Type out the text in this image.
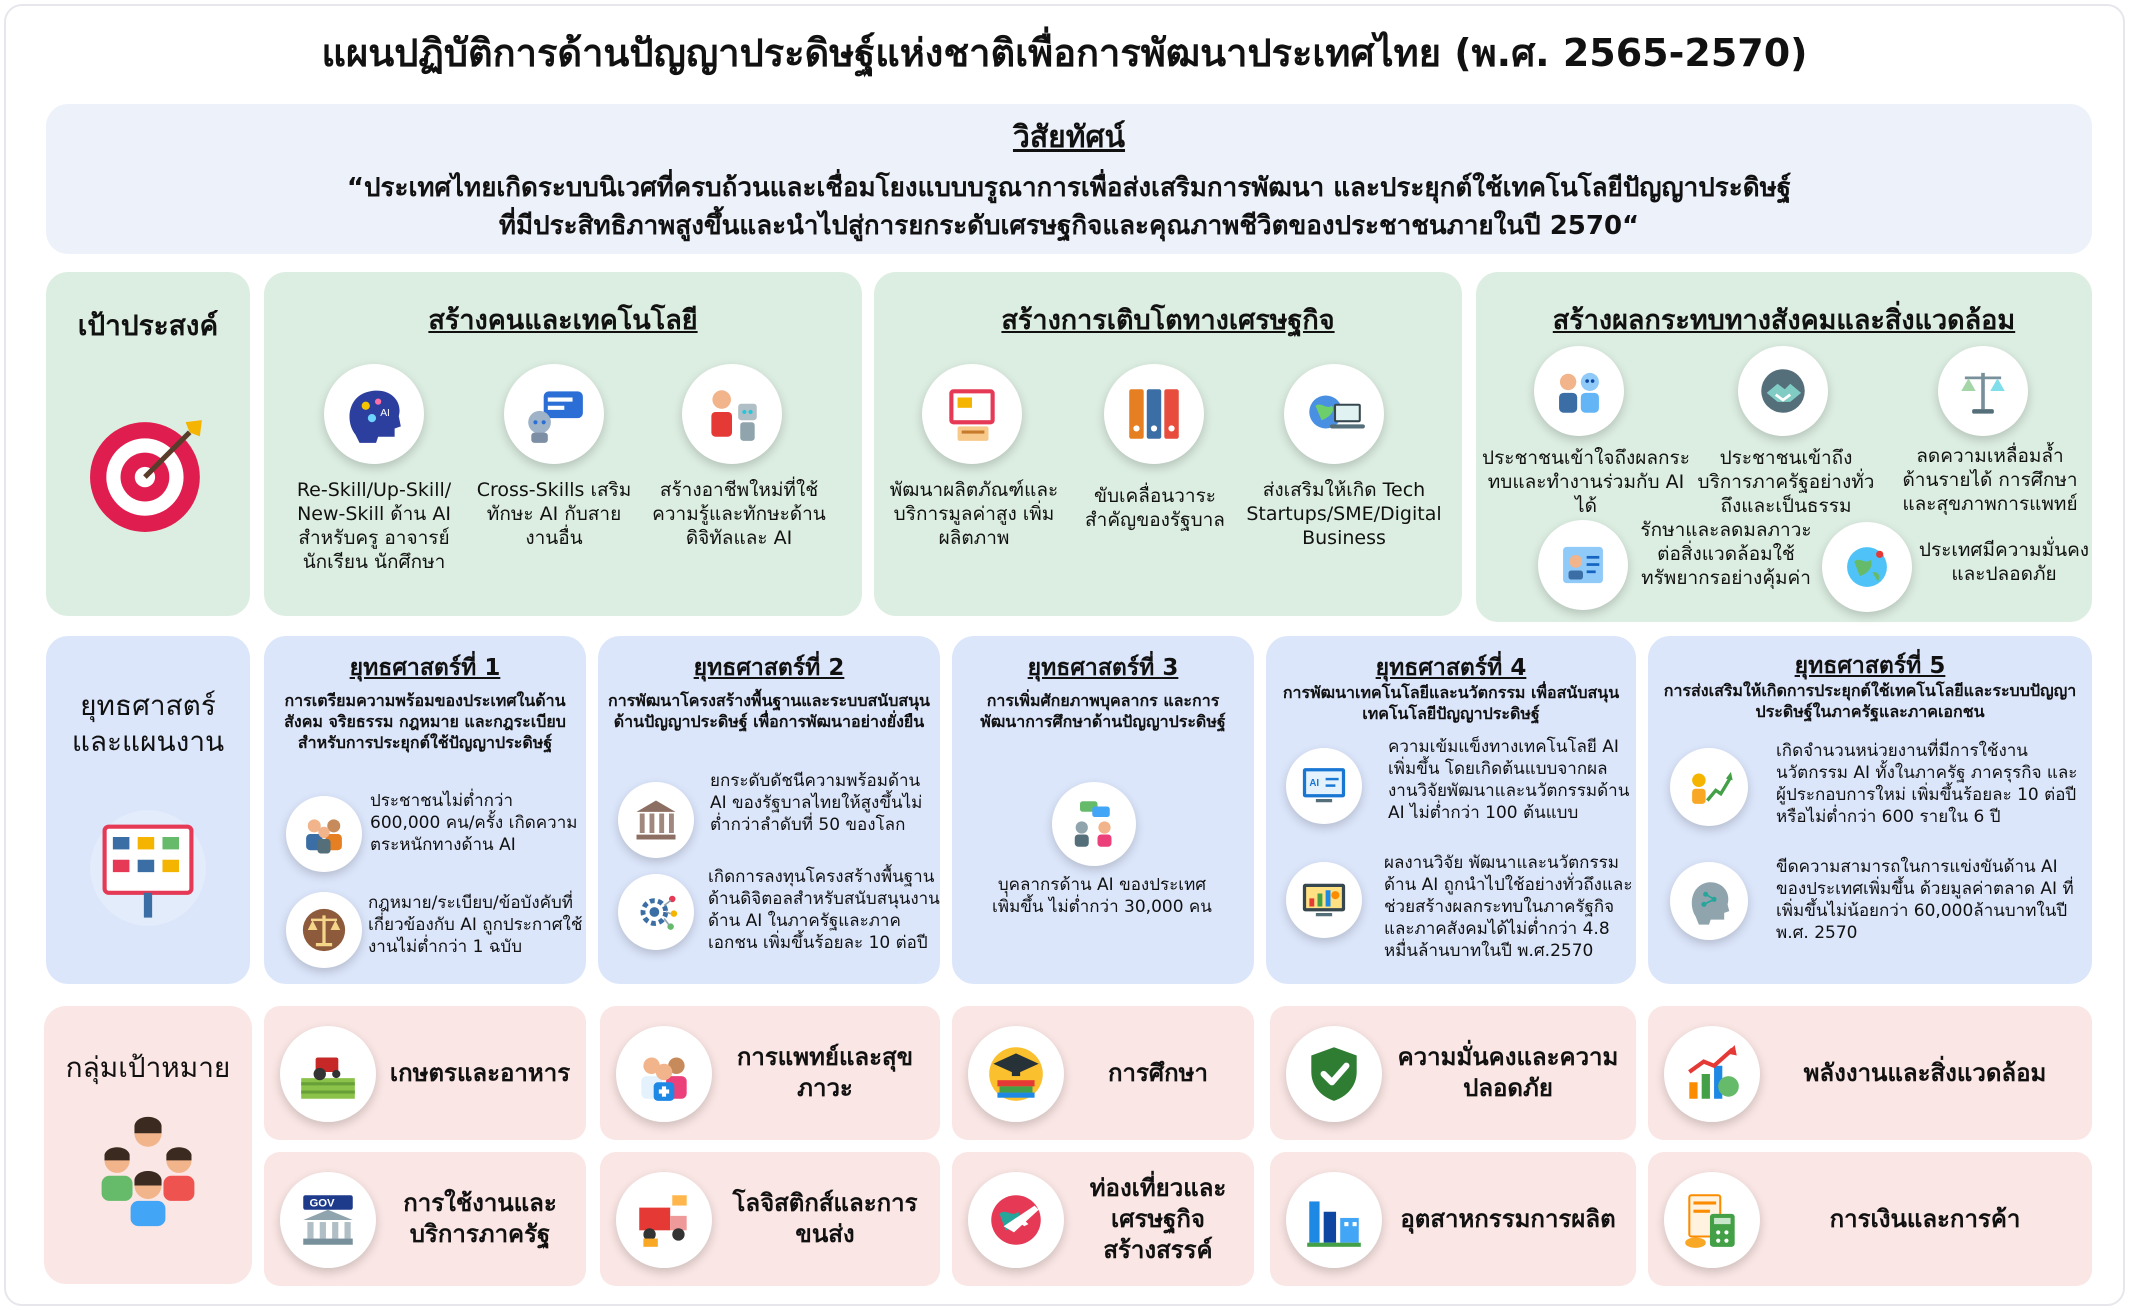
แผนปฏิบัติการด้านปัญญาประดิษฐ์แห่งชาติเพื่อการพัฒนาประเทศไทย (พ.ศ. 2565-2570)
วิสัยทัศน์
“ประเทศไทยเกิดระบบนิเวศที่ครบถ้วนและเชื่อมโยงแบบบรูณาการเพื่อส่งเสริมการพัฒนา และประยุกต์ใช้เทคโนโลยีปัญญาประดิษฐ์
ที่มีประสิทธิภาพสูงขึ้นและนำไปสู่การยกระดับเศรษฐกิจและคุณภาพชีวิตของประชาชนภายในปี 2570“
เป้าประสงค์	สร้างคนและเทคโนโลยี
AI
Re-Skill/Up-Skill/ New-Skill ด้าน AI สำหรับครู อาจารย์ นักเรียน นักศึกษา
Cross-Skills เสริมทักษะ AI กับสายงานอื่น
สร้างอาชีพใหม่ที่ใช้ความรู้และทักษะด้านดิจิทัลและ AI
สร้างการเติบโตทางเศรษฐกิจ
พัฒนาผลิตภัณฑ์และบริการมูลค่าสูง เพิ่มผลิตภาพ
ขับเคลื่อนวาระสำคัญของรัฐบาล
ส่งเสริมให้เกิด Tech Startups/SME/Digital Business
สร้างผลกระทบทางสังคมและสิ่งแวดล้อม
ประชาชนเข้าใจถึงผลกระทบและทำงานร่วมกับ AI ได้
ประชาชนเข้าถึงบริการภาครัฐอย่างทั่วถึงและเป็นธรรม
ลดความเหลื่อมล้ำด้านรายได้ การศึกษา และสุขภาพการแพทย์
รักษาและลดมลภาวะต่อสิ่งแวดล้อมใช้ทรัพยากรอย่างคุ้มค่า
ประเทศมีความมั่นคงและปลอดภัย
ยุทธศาสตร์
และแผนงาน
ยุทธศาสตร์ที่ 1
การเตรียมความพร้อมของประเทศในด้านสังคม จริยธรรม กฎหมาย และกฎระเบียบสำหรับการประยุกต์ใช้ปัญญาประดิษฐ์
ประชาชนไม่ต่ำกว่า 600,000 คน/ครั้ง เกิดความตระหนักทางด้าน AI
กฎหมาย/ระเบียบ/ข้อบังคับที่เกี่ยวข้องกับ AI ถูกประกาศใช้งานไม่ต่ำกว่า 1 ฉบับ
ยุทธศาสตร์ที่ 2
การพัฒนาโครงสร้างพื้นฐานและระบบสนับสนุนด้านปัญญาประดิษฐ์ เพื่อการพัฒนาอย่างยั่งยืน
ยกระดับดัชนีความพร้อมด้าน AI ของรัฐบาลไทยให้สูงขึ้นไม่ต่ำกว่าลำดับที่ 50 ของโลก
เกิดการลงทุนโครงสร้างพื้นฐานด้านดิจิตอลสำหรับสนับสนุนงานด้าน AI ในภาครัฐและภาคเอกชน เพิ่มขึ้นร้อยละ 10 ต่อปี
ยุทธศาสตร์ที่ 3
การเพิ่มศักยภาพบุคลากร และการพัฒนาการศึกษาด้านปัญญาประดิษฐ์
บุคลากรด้าน AI ของประเทศ เพิ่มขึ้น ไม่ต่ำกว่า 30,000 คน
ยุทธศาสตร์ที่ 4
การพัฒนาเทคโนโลยีและนวัตกรรม เพื่อสนับสนุนเทคโนโลยีปัญญาประดิษฐ์
AI
ความเข้มแข็งทางเทคโนโลยี AI เพิ่มขึ้น โดยเกิดต้นแบบจากผลงานวิจัยพัฒนาและนวัตกรรมด้าน AI ไม่ต่ำกว่า 100 ต้นแบบ
ผลงานวิจัย พัฒนาและนวัตกรรมด้าน AI ถูกนำไปใช้อย่างทั่วถึงและช่วยสร้างผลกระทบในภาครัฐกิจและภาคสังคมได้ไม่ต่ำกว่า 4.8 หมื่นล้านบาทในปี พ.ศ.2570
ยุทธศาสตร์ที่ 5
การส่งเสริมให้เกิดการประยุกต์ใช้เทคโนโลยีและระบบปัญญาประดิษฐ์ในภาครัฐและภาคเอกชน
เกิดจำนวนหน่วยงานที่มีการใช้งานนวัตกรรม AI ทั้งในภาครัฐ ภาครุรกิจ และผู้ประกอบการใหม่ เพิ่มขึ้นร้อยละ 10 ต่อปี หรือไม่ต่ำกว่า 600 รายใน 6 ปี
ขีดความสามารถในการแข่งขันด้าน AI ของประเทศเพิ่มขึ้น ด้วยมูลค่าตลาด AI ที่เพิ่มขึ้นไม่น้อยกว่า 60,000ล้านบาทในปี พ.ศ. 2570
กลุ่มเป้าหมาย	เกษตรและอาหาร
การแพทย์และสุขภาวะ
การศึกษา
ความมั่นคงและความปลอดภัย
พลังงานและสิ่งแวดล้อม
GOV	การใช้งานและบริการภาครัฐ
โลจิสติกส์และการขนส่ง
ท่องเที่ยวและเศรษฐกิจสร้างสรรค์
อุตสาหกรรมการผลิต	การเงินและการค้า
